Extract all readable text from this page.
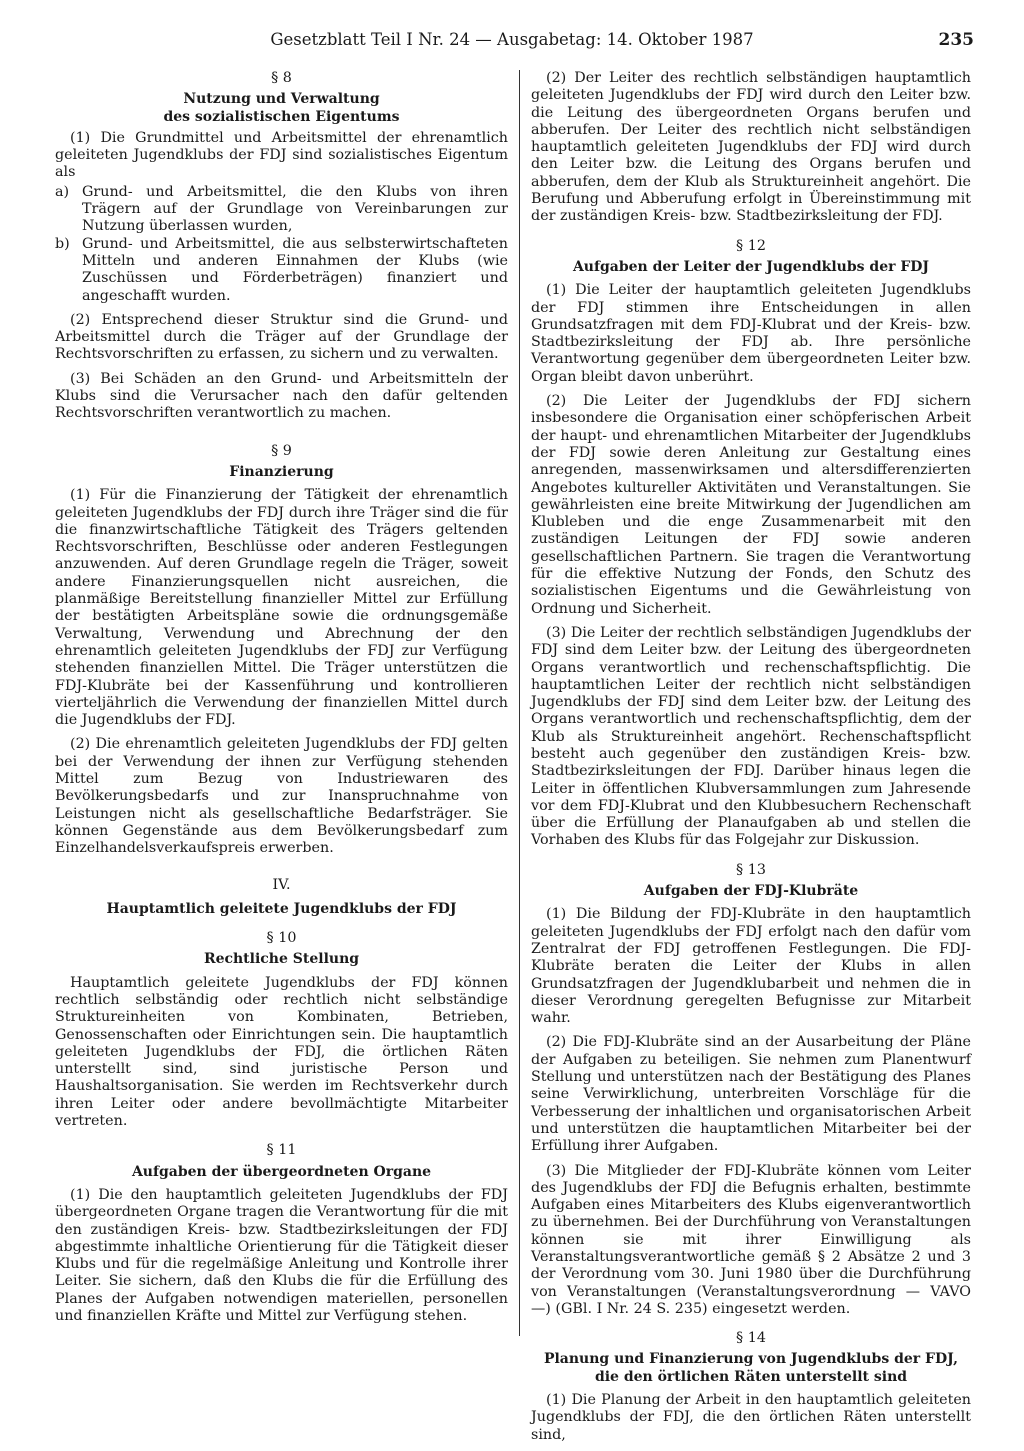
Gesetzblatt Teil I Nr. 24 — Ausgabetag: 14. Oktober 1987	235
§ 8
Nutzung und Verwaltung
des sozialistischen Eigentums

(1) Die Grundmittel und Arbeitsmittel der ehrenamtlich geleiteten Jugendklubs der FDJ sind sozialistisches Eigentum als

a) Grund- und Arbeitsmittel, die den Klubs von ihren Trägern auf der Grundlage von Vereinbarungen zur Nutzung überlassen wurden,
b) Grund- und Arbeitsmittel, die aus selbsterwirtschafteten Mitteln und anderen Einnahmen der Klubs (wie Zuschüssen und Förderbeträgen) finanziert und angeschafft wurden.

(2) Entsprechend dieser Struktur sind die Grund- und Arbeitsmittel durch die Träger auf der Grundlage der Rechtsvorschriften zu erfassen, zu sichern und zu verwalten.

(3) Bei Schäden an den Grund- und Arbeitsmitteln der Klubs sind die Verursacher nach den dafür geltenden Rechtsvorschriften verantwortlich zu machen.

§ 9
Finanzierung

(1) Für die Finanzierung der Tätigkeit der ehrenamtlich geleiteten Jugendklubs der FDJ durch ihre Träger sind die für die finanzwirtschaftliche Tätigkeit des Trägers geltenden Rechtsvorschriften, Beschlüsse oder anderen Festlegungen anzuwenden. Auf deren Grundlage regeln die Träger, soweit andere Finanzierungsquellen nicht ausreichen, die planmäßige Bereitstellung finanzieller Mittel zur Erfüllung der bestätigten Arbeitspläne sowie die ordnungsgemäße Verwaltung, Verwendung und Abrechnung der den ehrenamtlich geleiteten Jugendklubs der FDJ zur Verfügung stehenden finanziellen Mittel. Die Träger unterstützen die FDJ-Klubräte bei der Kassenführung und kontrollieren vierteljährlich die Verwendung der finanziellen Mittel durch die Jugendklubs der FDJ.

(2) Die ehrenamtlich geleiteten Jugendklubs der FDJ gelten bei der Verwendung der ihnen zur Verfügung stehenden Mittel zum Bezug von Industriewaren des Bevölkerungsbedarfs und zur Inanspruchnahme von Leistungen nicht als gesellschaftliche Bedarfsträger. Sie können Gegenstände aus dem Bevölkerungsbedarf zum Einzelhandelsverkaufspreis erwerben.

IV.
Hauptamtlich geleitete Jugendklubs der FDJ
§ 10
Rechtliche Stellung

Hauptamtlich geleitete Jugendklubs der FDJ können rechtlich selbständig oder rechtlich nicht selbständige Struktureinheiten von Kombinaten, Betrieben, Genossenschaften oder Einrichtungen sein. Die hauptamtlich geleiteten Jugendklubs der FDJ, die örtlichen Räten unterstellt sind, sind juristische Person und Haushaltsorganisation. Sie werden im Rechtsverkehr durch ihren Leiter oder andere bevollmächtigte Mitarbeiter vertreten.

§ 11
Aufgaben der übergeordneten Organe

(1) Die den hauptamtlich geleiteten Jugendklubs der FDJ übergeordneten Organe tragen die Verantwortung für die mit den zuständigen Kreis- bzw. Stadtbezirksleitungen der FDJ abgestimmte inhaltliche Orientierung für die Tätigkeit dieser Klubs und für die regelmäßige Anleitung und Kontrolle ihrer Leiter. Sie sichern, daß den Klubs die für die Erfüllung des Planes der Aufgaben notwendigen materiellen, personellen und finanziellen Kräfte und Mittel zur Verfügung stehen.

(2) Der Leiter des rechtlich selbständigen hauptamtlich geleiteten Jugendklubs der FDJ wird durch den Leiter bzw. die Leitung des übergeordneten Organs berufen und abberufen. Der Leiter des rechtlich nicht selbständigen hauptamtlich geleiteten Jugendklubs der FDJ wird durch den Leiter bzw. die Leitung des Organs berufen und abberufen, dem der Klub als Struktureinheit angehört. Die Berufung und Abberufung erfolgt in Übereinstimmung mit der zuständigen Kreis- bzw. Stadtbezirksleitung der FDJ.

§ 12
Aufgaben der Leiter der Jugendklubs der FDJ

(1) Die Leiter der hauptamtlich geleiteten Jugendklubs der FDJ stimmen ihre Entscheidungen in allen Grundsatzfragen mit dem FDJ-Klubrat und der Kreis- bzw. Stadtbezirksleitung der FDJ ab. Ihre persönliche Verantwortung gegenüber dem übergeordneten Leiter bzw. Organ bleibt davon unberührt.

(2) Die Leiter der Jugendklubs der FDJ sichern insbesondere die Organisation einer schöpferischen Arbeit der haupt- und ehrenamtlichen Mitarbeiter der Jugendklubs der FDJ sowie deren Anleitung zur Gestaltung eines anregenden, massenwirksamen und altersdifferenzierten Angebotes kultureller Aktivitäten und Veranstaltungen. Sie gewährleisten eine breite Mitwirkung der Jugendlichen am Klubleben und die enge Zusammenarbeit mit den zuständigen Leitungen der FDJ sowie anderen gesellschaftlichen Partnern. Sie tragen die Verantwortung für die effektive Nutzung der Fonds, den Schutz des sozialistischen Eigentums und die Gewährleistung von Ordnung und Sicherheit.

(3) Die Leiter der rechtlich selbständigen Jugendklubs der FDJ sind dem Leiter bzw. der Leitung des übergeordneten Organs verantwortlich und rechenschaftspflichtig. Die hauptamtlichen Leiter der rechtlich nicht selbständigen Jugendklubs der FDJ sind dem Leiter bzw. der Leitung des Organs verantwortlich und rechenschaftspflichtig, dem der Klub als Struktureinheit angehört. Rechenschaftspflicht besteht auch gegenüber den zuständigen Kreis- bzw. Stadtbezirksleitungen der FDJ. Darüber hinaus legen die Leiter in öffentlichen Klubversammlungen zum Jahresende vor dem FDJ-Klubrat und den Klubbesuchern Rechenschaft über die Erfüllung der Planaufgaben ab und stellen die Vorhaben des Klubs für das Folgejahr zur Diskussion.

§ 13
Aufgaben der FDJ-Klubräte

(1) Die Bildung der FDJ-Klubräte in den hauptamtlich geleiteten Jugendklubs der FDJ erfolgt nach den dafür vom Zentralrat der FDJ getroffenen Festlegungen. Die FDJ-Klubräte beraten die Leiter der Klubs in allen Grundsatzfragen der Jugendklubarbeit und nehmen die in dieser Verordnung geregelten Befugnisse zur Mitarbeit wahr.

(2) Die FDJ-Klubräte sind an der Ausarbeitung der Pläne der Aufgaben zu beteiligen. Sie nehmen zum Planentwurf Stellung und unterstützen nach der Bestätigung des Planes seine Verwirklichung, unterbreiten Vorschläge für die Verbesserung der inhaltlichen und organisatorischen Arbeit und unterstützen die hauptamtlichen Mitarbeiter bei der Erfüllung ihrer Aufgaben.

(3) Die Mitglieder der FDJ-Klubräte können vom Leiter des Jugendklubs der FDJ die Befugnis erhalten, bestimmte Aufgaben eines Mitarbeiters des Klubs eigenverantwortlich zu übernehmen. Bei der Durchführung von Veranstaltungen können sie mit ihrer Einwilligung als Veranstaltungsverantwortliche gemäß § 2 Absätze 2 und 3 der Verordnung vom 30. Juni 1980 über die Durchführung von Veranstaltungen (Veranstaltungsverordnung — VAVO —) (GBl. I Nr. 24 S. 235) eingesetzt werden.

§ 14
Planung und Finanzierung von Jugendklubs der FDJ,
die den örtlichen Räten unterstellt sind

(1) Die Planung der Arbeit in den hauptamtlich geleiteten Jugendklubs der FDJ, die den örtlichen Räten unterstellt sind,
